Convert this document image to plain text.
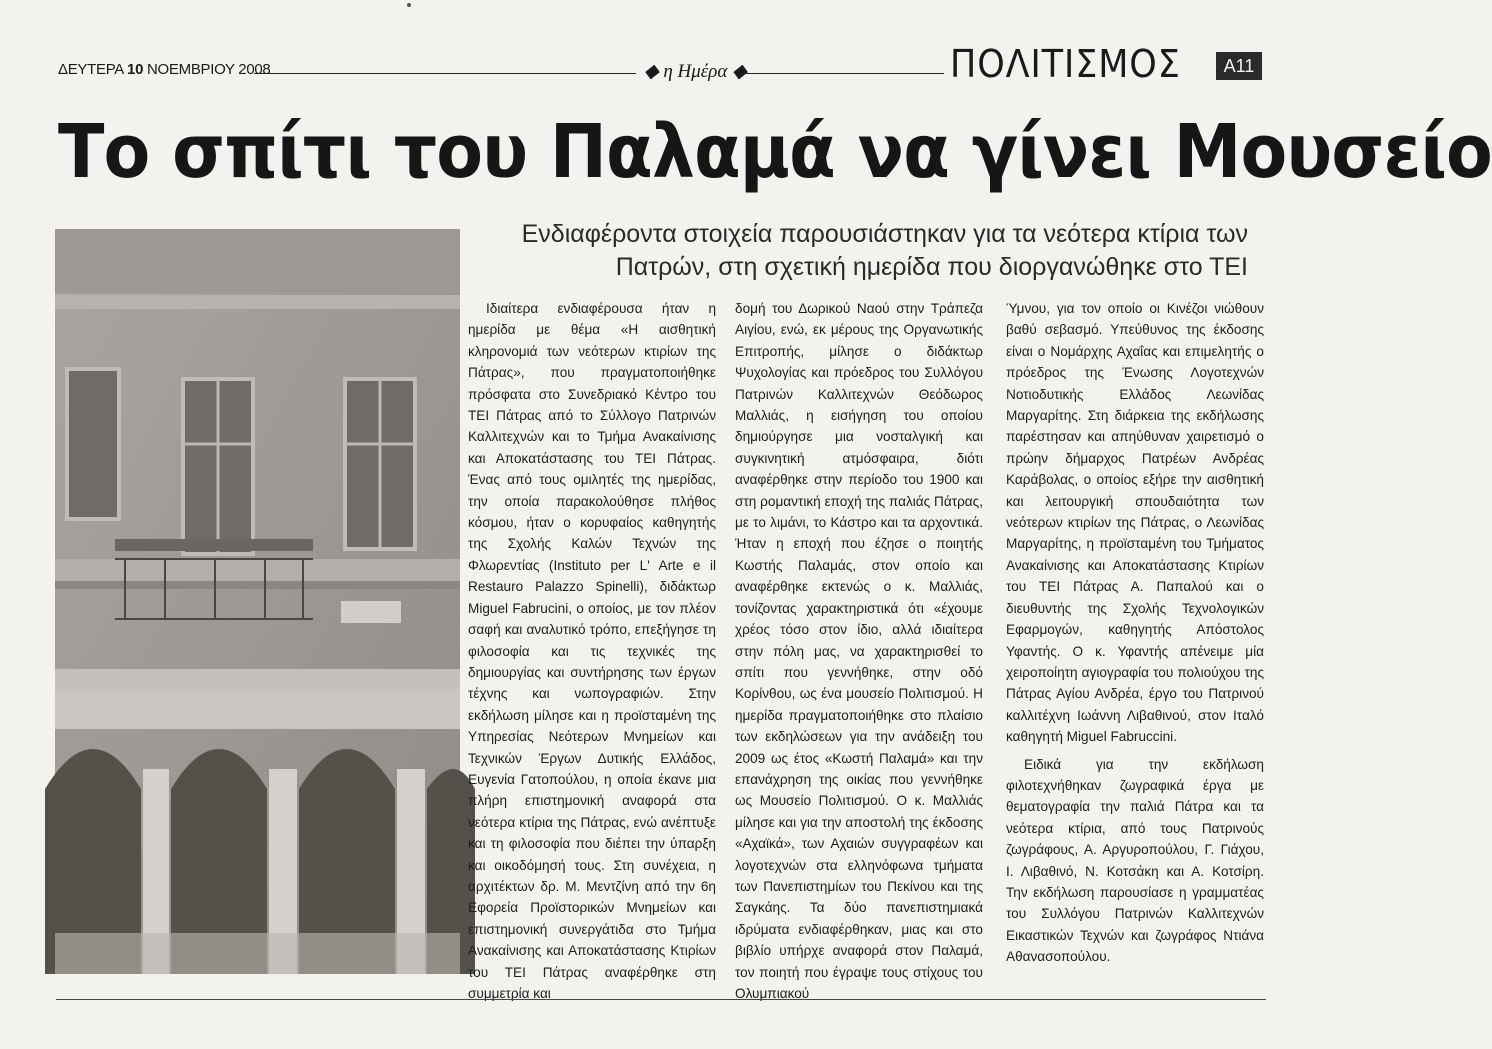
ΔΕΥΤΕΡΑ 10 ΝΟΕΜΒΡΙΟΥ 2008	◆ η Ημέρα ◆	ΠΟΛΙΤΙΣΜΟΣ	Α11
Το σπίτι του Παλαμά να γίνει Μουσείο
Ενδιαφέροντα στοιχεία παρουσιάστηκαν για τα νεότερα κτίρια των Πατρών, στη σχετική ημερίδα που διοργανώθηκε στο ΤΕΙ

Ιδιαίτερα ενδιαφέρουσα ήταν η ημερίδα με θέμα «Η αισθητική κληρονομιά των νεότερων κτιρίων της Πάτρας», που πραγματοποιήθηκε πρόσφατα στο Συνεδριακό Κέντρο του ΤΕΙ Πάτρας από το Σύλλογο Πατρινών Καλλιτεχνών και το Τμήμα Ανακαίνισης και Αποκατάστασης του ΤΕΙ Πάτρας. Ένας από τους ομιλητές της ημερίδας, την οποία παρακολούθησε πλήθος κόσμου, ήταν ο κορυφαίος καθηγητής της Σχολής Καλών Τεχνών της Φλωρεντίας (Instituto per L' Arte e il Restauro Palazzo Spinelli), διδάκτωρ Miguel Fabrucini, ο οποίος, με τον πλέον σαφή και αναλυτικό τρόπο, επεξήγησε τη φιλοσοφία και τις τεχνικές της δημιουργίας και συντήρησης των έργων τέχνης και νωπογραφιών. Στην εκδήλωση μίλησε και η προϊσταμένη της Υπηρεσίας Νεότερων Μνημείων και Τεχνικών Έργων Δυτικής Ελλάδος, Ευγενία Γατοπούλου, η οποία έκανε μια πλήρη επιστημονική αναφορά στα νεότερα κτίρια της Πάτρας, ενώ ανέπτυξε και τη φιλοσοφία που διέπει την ύπαρξη και οικοδόμησή τους. Στη συνέχεια, η αρχιτέκτων δρ. Μ. Μεντζίνη από την 6η Εφορεία Προϊστορικών Μνημείων και επιστημονική συνεργάτιδα στο Τμήμα Ανακαίνισης και Αποκατάστασης Κτιρίων του ΤΕΙ Πάτρας αναφέρθηκε στη συμμετρία και

δομή του Δωρικού Ναού στην Τράπεζα Αιγίου, ενώ, εκ μέρους της Οργανωτικής Επιτροπής, μίλησε ο διδάκτωρ Ψυχολογίας και πρόεδρος του Συλλόγου Πατρινών Καλλιτεχνών Θεόδωρος Μαλλιάς, η εισήγηση του οποίου δημιούργησε μια νοσταλγική και συγκινητική ατμόσφαιρα, διότι αναφέρθηκε στην περίοδο του 1900 και στη ρομαντική εποχή της παλιάς Πάτρας, με το λιμάνι, το Κάστρο και τα αρχοντικά. Ήταν η εποχή που έζησε ο ποιητής Κωστής Παλαμάς, στον οποίο και αναφέρθηκε εκτενώς ο κ. Μαλλιάς, τονίζοντας χαρακτηριστικά ότι «έχουμε χρέος τόσο στον ίδιο, αλλά ιδιαίτερα στην πόλη μας, να χαρακτηρισθεί το σπίτι που γεννήθηκε, στην οδό Κορίνθου, ως ένα μουσείο Πολιτισμού. Η ημερίδα πραγματοποιήθηκε στο πλαίσιο των εκδηλώσεων για την ανάδειξη του 2009 ως έτος «Κωστή Παλαμά» και την επανάχρηση της οικίας που γεννήθηκε ως Μουσείο Πολιτισμού. Ο κ. Μαλλιάς μίλησε και για την αποστολή της έκδοσης «Αχαϊκά», των Αχαιών συγγραφέων και λογοτεχνών στα ελληνόφωνα τμήματα των Πανεπιστημίων του Πεκίνου και της Σαγκάης. Τα δύο πανεπιστημιακά ιδρύματα ενδιαφέρθηκαν, μιας και στο βιβλίο υπήρχε αναφορά στον Παλαμά, τον ποιητή που έγραψε τους στίχους του Ολυμπιακού

Ύμνου, για τον οποίο οι Κινέζοι νιώθουν βαθύ σεβασμό. Υπεύθυνος της έκδοσης είναι ο Νομάρχης Αχαΐας και επιμελητής ο πρόεδρος της Ένωσης Λογοτεχνών Νοτιοδυτικής Ελλάδος Λεωνίδας Μαργαρίτης. Στη διάρκεια της εκδήλωσης παρέστησαν και απηύθυναν χαιρετισμό ο πρώην δήμαρχος Πατρέων Ανδρέας Καράβολας, ο οποίος εξήρε την αισθητική και λειτουργική σπουδαιότητα των νεότερων κτιρίων της Πάτρας, ο Λεωνίδας Μαργαρίτης, η προϊσταμένη του Τμήματος Ανακαίνισης και Αποκατάστασης Κτιρίων του ΤΕΙ Πάτρας Α. Παπαλού και ο διευθυντής της Σχολής Τεχνολογικών Εφαρμογών, καθηγητής Απόστολος Υφαντής. Ο κ. Υφαντής απένειμε μία χειροποίητη αγιογραφία του πολιούχου της Πάτρας Αγίου Ανδρέα, έργο του Πατρινού καλλιτέχνη Ιωάννη Λιβαθινού, στον Ιταλό καθηγητή Miguel Fabruccini.

Ειδικά για την εκδήλωση φιλοτεχνήθηκαν ζωγραφικά έργα με θεματογραφία την παλιά Πάτρα και τα νεότερα κτίρια, από τους Πατρινούς ζωγράφους, Α. Αργυροπούλου, Γ. Γιάχου, Ι. Λιβαθινό, Ν. Κοτσάκη και Α. Κοτσίρη. Την εκδήλωση παρουσίασε η γραμματέας του Συλλόγου Πατρινών Καλλιτεχνών Εικαστικών Τεχνών και ζωγράφος Ντιάνα Αθανασοπούλου.
